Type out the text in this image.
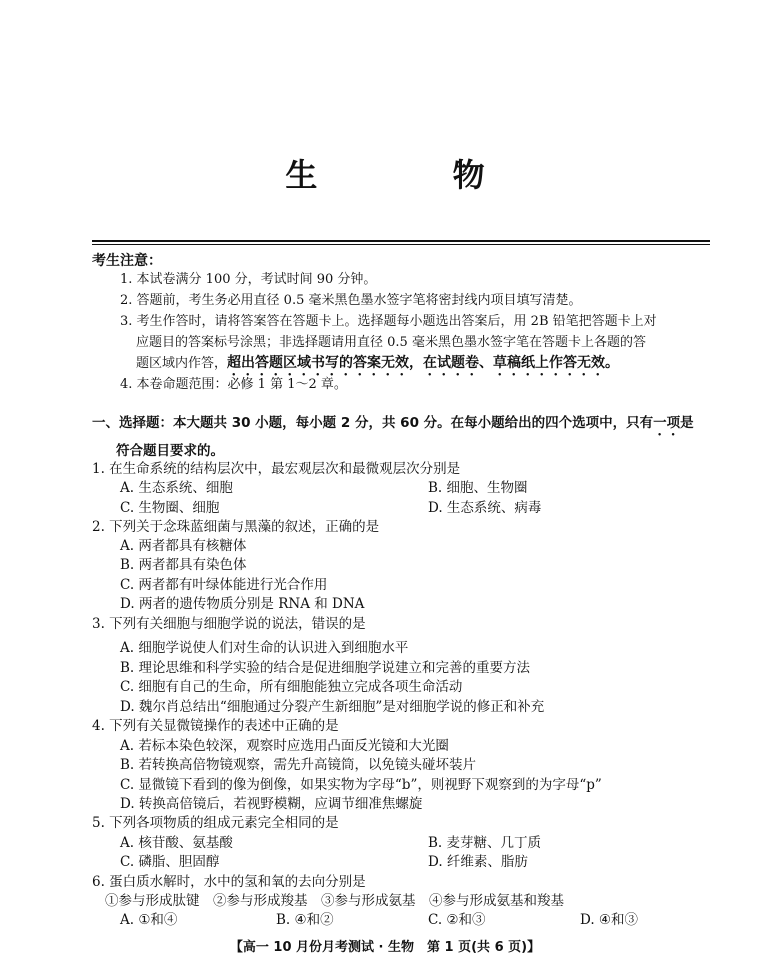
生 物
考生注意：
1. 本试卷满分 100 分，考试时间 90 分钟。
2. 答题前，考生务必用直径 0.5 毫米黑色墨水签字笔将密封线内项目填写清楚。
3. 考生作答时，请将答案答在答题卡上。选择题每小题选出答案后，用 2B 铅笔把答题卡上对
应题目的答案标号涂黑；非选择题请用直径 0.5 毫米黑色墨水签字笔在答题卡上各题的答
题区域内作答，超出答题区域书写的答案无效，在试题卷、草稿纸上作答无效。
4. 本卷命题范围：必修 1 第 1～2 章。
一、选择题：本大题共 30 小题，每小题 2 分，共 60 分。在每小题给出的四个选项中，只有一项是
符合题目要求的。
1. 在生命系统的结构层次中，最宏观层次和最微观层次分别是
A. 生态系统、细胞	B. 细胞、生物圈
C. 生物圈、细胞	D. 生态系统、病毒
2. 下列关于念珠蓝细菌与黑藻的叙述，正确的是
A. 两者都具有核糖体
B. 两者都具有染色体
C. 两者都有叶绿体能进行光合作用
D. 两者的遗传物质分别是 RNA 和 DNA
3. 下列有关细胞与细胞学说的说法，错误的是
A. 细胞学说使人们对生命的认识进入到细胞水平
B. 理论思维和科学实验的结合是促进细胞学说建立和完善的重要方法
C. 细胞有自己的生命，所有细胞能独立完成各项生命活动
D. 魏尔肖总结出“细胞通过分裂产生新细胞”是对细胞学说的修正和补充
4. 下列有关显微镜操作的表述中正确的是
A. 若标本染色较深，观察时应选用凸面反光镜和大光圈
B. 若转换高倍物镜观察，需先升高镜筒，以免镜头碰坏装片
C. 显微镜下看到的像为倒像，如果实物为字母“b”，则视野下观察到的为字母“p”
D. 转换高倍镜后，若视野模糊，应调节细准焦螺旋
5. 下列各项物质的组成元素完全相同的是
A. 核苷酸、氨基酸	B. 麦芽糖、几丁质
C. 磷脂、胆固醇	D. 纤维素、脂肪
6. 蛋白质水解时，水中的氢和氧的去向分别是
①参与形成肽键　②参与形成羧基　③参与形成氨基　④参与形成氨基和羧基
A. ①和④	B. ④和②	C. ②和③	D. ④和③
【高一 10 月份月考测试 · 生物　第 1 页(共 6 页)】
